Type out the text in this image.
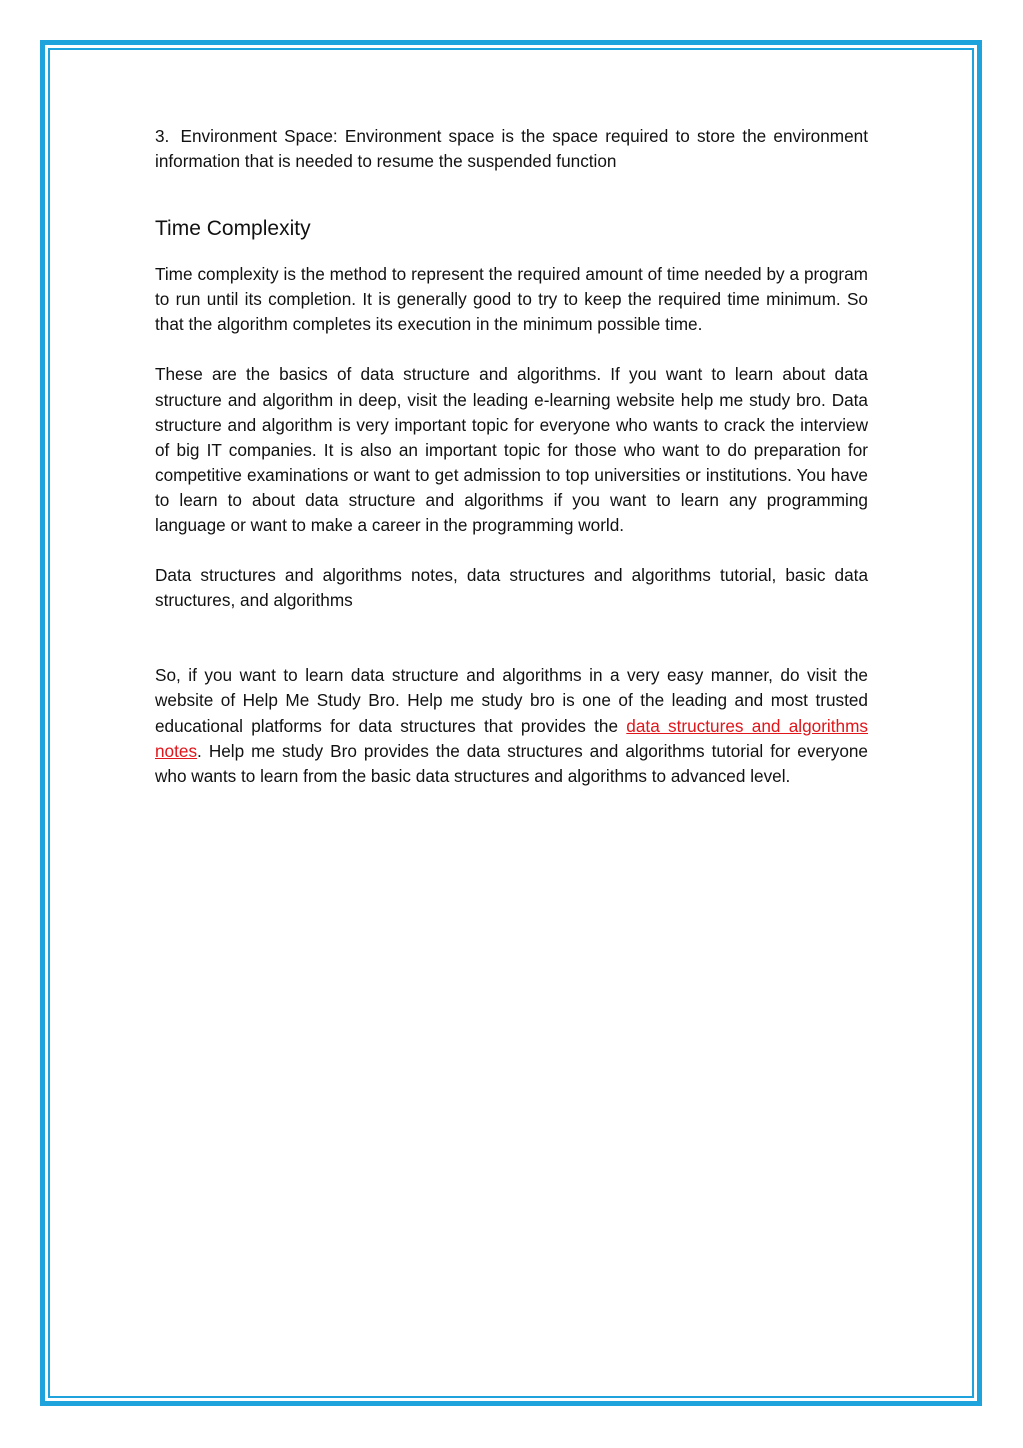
3. Environment Space: Environment space is the space required to store the environment information that is needed to resume the suspended function

Time Complexity

Time complexity is the method to represent the required amount of time needed by a program to run until its completion. It is generally good to try to keep the required time minimum. So that the algorithm completes its execution in the minimum possible time.

These are the basics of data structure and algorithms. If you want to learn about data structure and algorithm in deep, visit the leading e-learning website help me study bro. Data structure and algorithm is very important topic for everyone who wants to crack the interview of big IT companies. It is also an important topic for those who want to do preparation for competitive examinations or want to get admission to top universities or institutions. You have to learn to about data structure and algorithms if you want to learn any programming language or want to make a career in the programming world.

Data structures and algorithms notes, data structures and algorithms tutorial, basic data structures, and algorithms

So, if you want to learn data structure and algorithms in a very easy manner, do visit the website of Help Me Study Bro. Help me study bro is one of the leading and most trusted educational platforms for data structures that provides the data structures and algorithms notes. Help me study Bro provides the data structures and algorithms tutorial for everyone who wants to learn from the basic data structures and algorithms to advanced level.
